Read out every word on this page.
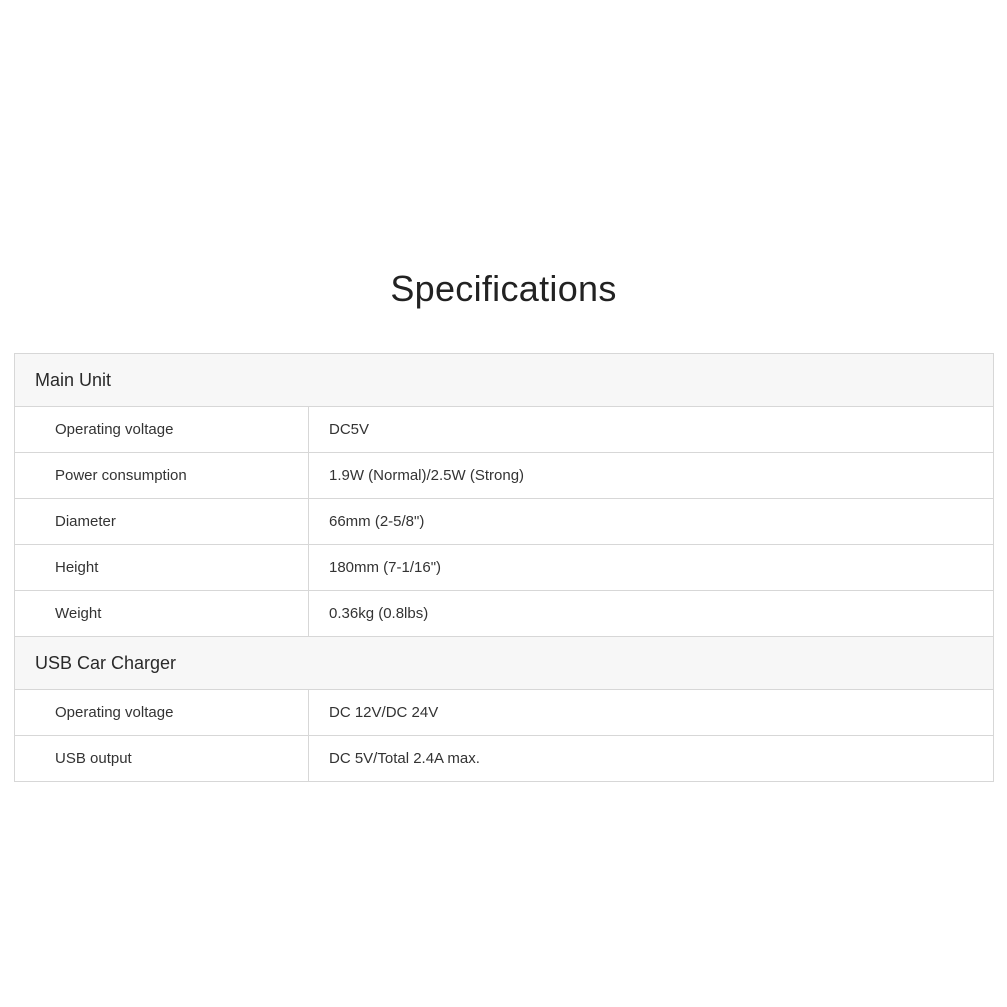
Specifications
Main Unit	
Operating voltage	DC5V
Power consumption	1.9W (Normal)/2.5W (Strong)
Diameter	66mm (2-5/8")
Height	180mm (7-1/16")
Weight	0.36kg (0.8lbs)
USB Car Charger	
Operating voltage	DC 12V/DC 24V
USB output	DC 5V/Total 2.4A max.
